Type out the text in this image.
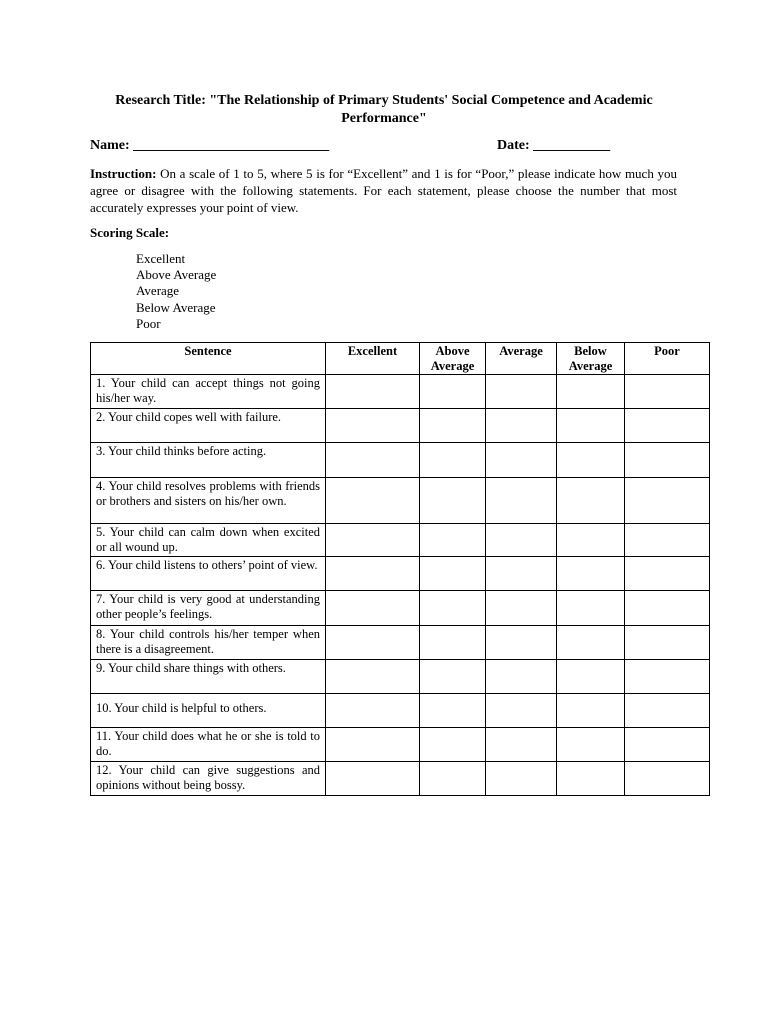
Research Title: "The Relationship of Primary Students' Social Competence and Academic Performance"
Name: ____________________________	Date: ___________
Instruction: On a scale of 1 to 5, where 5 is for “Excellent” and 1 is for “Poor,” please indicate how much you agree or disagree with the following statements. For each statement, please choose the number that most accurately expresses your point of view.
Scoring Scale:
Excellent
Above Average
Average
Below Average
Poor
Sentence	Excellent	Above Average	Average	Below Average	Poor
1. Your child can accept things not going his/her way.					
2. Your child copes well with failure.					
3. Your child thinks before acting.					
4. Your child resolves problems with friends or brothers and sisters on his/her own.					
5. Your child can calm down when excited or all wound up.					
6. Your child listens to others’ point of view.					
7. Your child is very good at understanding other people’s feelings.					
8. Your child controls his/her temper when there is a disagreement.					
9. Your child share things with others.					
10. Your child is helpful to others.					
11. Your child does what he or she is told to do.					
12. Your child can give suggestions and opinions without being bossy.					
